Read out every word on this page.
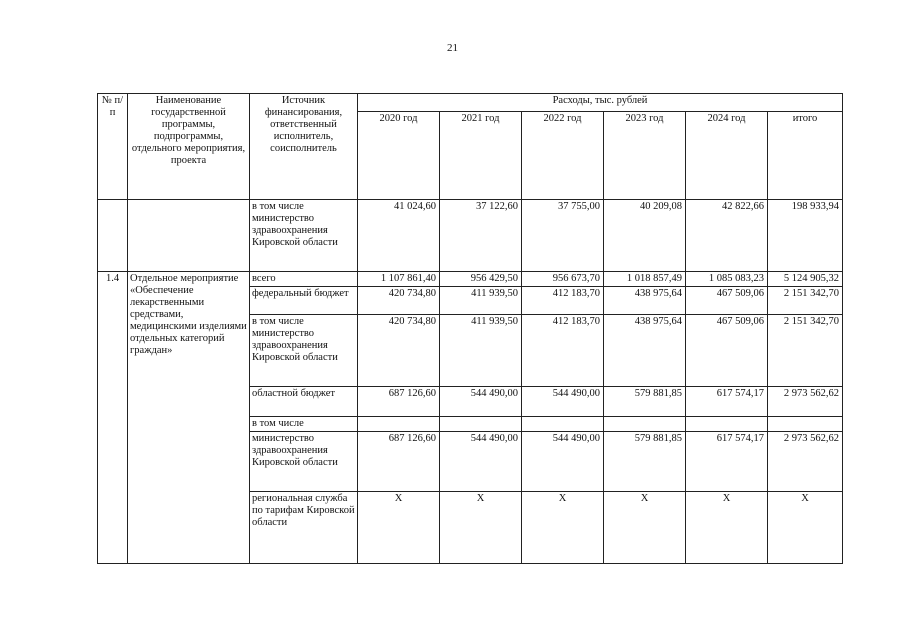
21
№ п/п	Наименование государственной программы, подпрограммы, отдельного мероприятия, проекта	Источник финансирования, ответственный исполнитель, соисполнитель	Расходы, тыс. рублей					
			2020 год	2021 год	2022 год	2023 год	2024 год	итого
		в том числе министерство здравоохранения Кировской области	41 024,60	37 122,60	37 755,00	40 209,08	42 822,66	198 933,94
1.4	Отдельное мероприятие «Обеспечение лекарственными средствами, медицинскими изделиями отдельных категорий граждан»	всего	1 107 861,40	956 429,50	956 673,70	1 018 857,49	1 085 083,23	5 124 905,32
		федеральный бюджет	420 734,80	411 939,50	412 183,70	438 975,64	467 509,06	2 151 342,70
		в том числе министерство здравоохранения Кировской области	420 734,80	411 939,50	412 183,70	438 975,64	467 509,06	2 151 342,70
		областной бюджет	687 126,60	544 490,00	544 490,00	579 881,85	617 574,17	2 973 562,62
		в том числе						
		министерство здравоохранения Кировской области	687 126,60	544 490,00	544 490,00	579 881,85	617 574,17	2 973 562,62
		региональная служба по тарифам Кировской области	Х	Х	Х	Х	Х	Х
